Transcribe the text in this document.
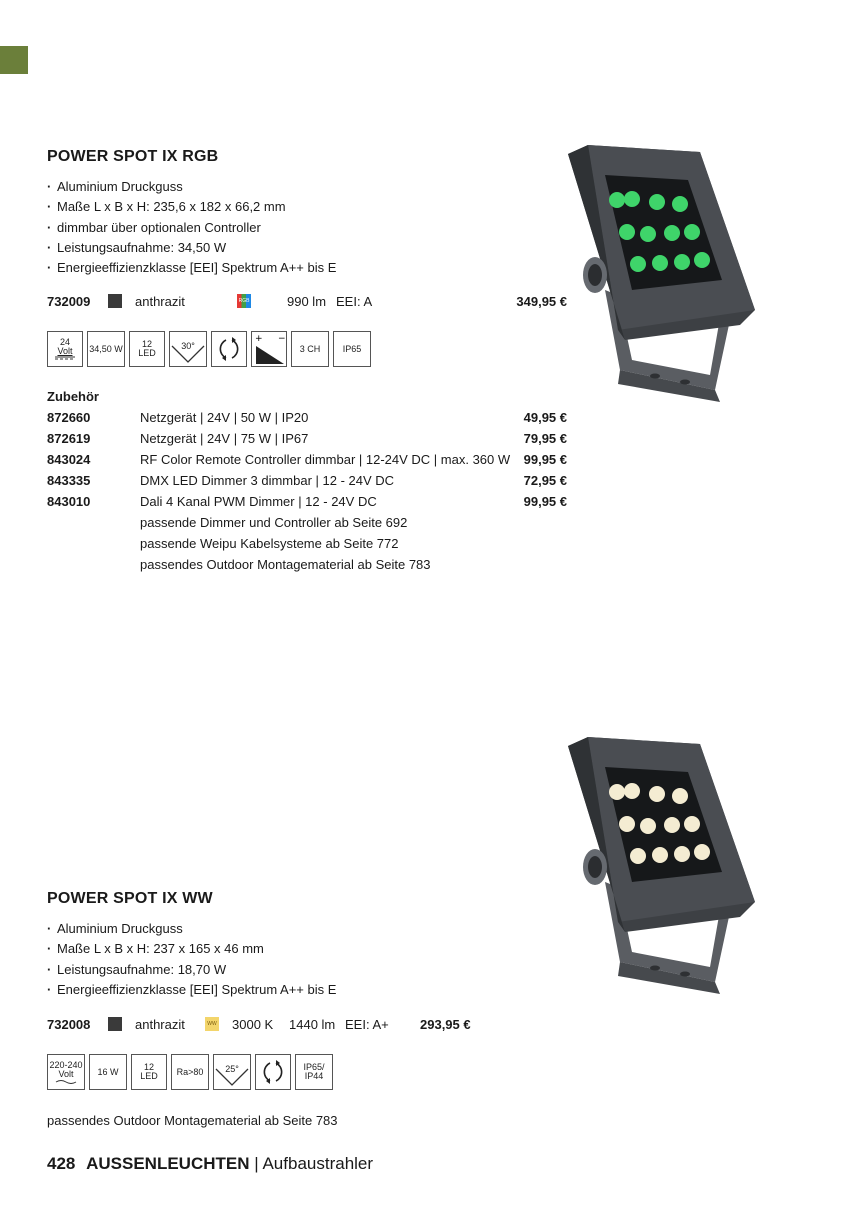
POWER SPOT IX RGB
· Aluminium Druckguss
· Maße L x B x H: 235,6 x 182 x 66,2 mm
· dimmbar über optionalen Controller
· Leistungsaufnahme: 34,50 W
· Energieeffizienzklasse [EEI] Spektrum A++ bis E
732009	anthrazit	RGB	990 lm EEI: A	349,95 €
24
Volt 34,50 W 12
LED
30°
+ −
3 CH IP65
Zubehör
872660	Netzgerät | 24V | 50 W | IP20	49,95 €
872619	Netzgerät | 24V | 75 W | IP67	79,95 €
843024	RF Color Remote Controller dimmbar | 12-24V DC | max. 360 W 99,95 €
843335	DMX LED Dimmer 3 dimmbar | 12 - 24V DC	72,95 €
843010	Dali 4 Kanal PWM Dimmer | 12 - 24V DC	99,95 €
passende Dimmer und Controller ab Seite 692
passende Weipu Kabelsysteme ab Seite 772
passendes Outdoor Montagematerial ab Seite 783
POWER SPOT IX WW
· Aluminium Druckguss
· Maße L x B x H: 237 x 165 x 46 mm
· Leistungsaufnahme: 18,70 W
· Energieeffizienzklasse [EEI] Spektrum A++ bis E
732008	anthrazit	WW 3000 K 1440 lm EEI: A+ 293,95 €
220-240
Volt	16 W	12
LED Ra>80 25°	IP65/
IP44
passendes Outdoor Montagematerial ab Seite 783
428 AUSSENLEUCHTEN | Aufbaustrahler
